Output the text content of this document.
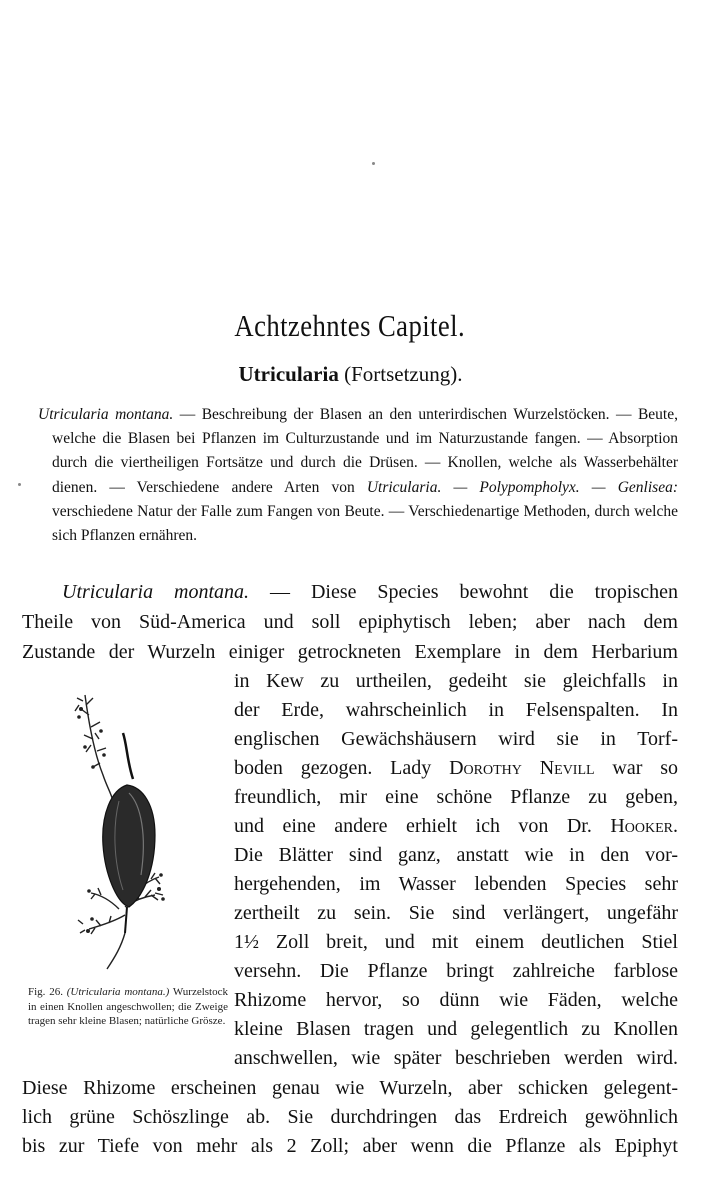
Achtzehntes Capitel.
Utricularia (Fortsetzung).
Utricularia montana. — Beschreibung der Blasen an den unterirdischen Wurzelstöcken. — Beute, welche die Blasen bei Pflanzen im Culturzustande und im Naturzustande fangen. — Absorption durch die viertheiligen Fortsätze und durch die Drüsen. — Knollen, welche als Wasserbehälter dienen. — Verschiedene andere Arten von Utricularia. — Polypompholyx. — Genlisea: verschiedene Natur der Falle zum Fangen von Beute. — Verschiedenartige Methoden, durch welche sich Pflanzen ernähren.
Utricularia montana. — Diese Species bewohnt die tropischen
Theile von Süd-America und soll epiphytisch leben; aber nach dem
Zustande der Wurzeln einiger getrockneten Exemplare in dem Herbarium
in Kew zu urtheilen, gedeiht sie gleichfalls in
der Erde, wahrscheinlich in Felsenspalten. In
englischen Gewächshäusern wird sie in Torf-
boden gezogen. Lady Dorothy Nevill war so
freundlich, mir eine schöne Pflanze zu geben,
und eine andere erhielt ich von Dr. Hooker.
Die Blätter sind ganz, anstatt wie in den vor-
hergehenden, im Wasser lebenden Species sehr
zertheilt zu sein. Sie sind verlängert, ungefähr
1½ Zoll breit, und mit einem deutlichen Stiel
versehn. Die Pflanze bringt zahlreiche farblose
Rhizome hervor, so dünn wie Fäden, welche
kleine Blasen tragen und gelegentlich zu Knollen
anschwellen, wie später beschrieben werden wird.
Diese Rhizome erscheinen genau wie Wurzeln, aber schicken gelegent-
lich grüne Schöszlinge ab. Sie durchdringen das Erdreich gewöhnlich
bis zur Tiefe von mehr als 2 Zoll; aber wenn die Pflanze als Epiphyt
Fig. 26. (Utricularia montana.) Wurzelstock in einen Knollen angeschwollen; die Zweige tragen sehr kleine Blasen; natürliche Grösze.
